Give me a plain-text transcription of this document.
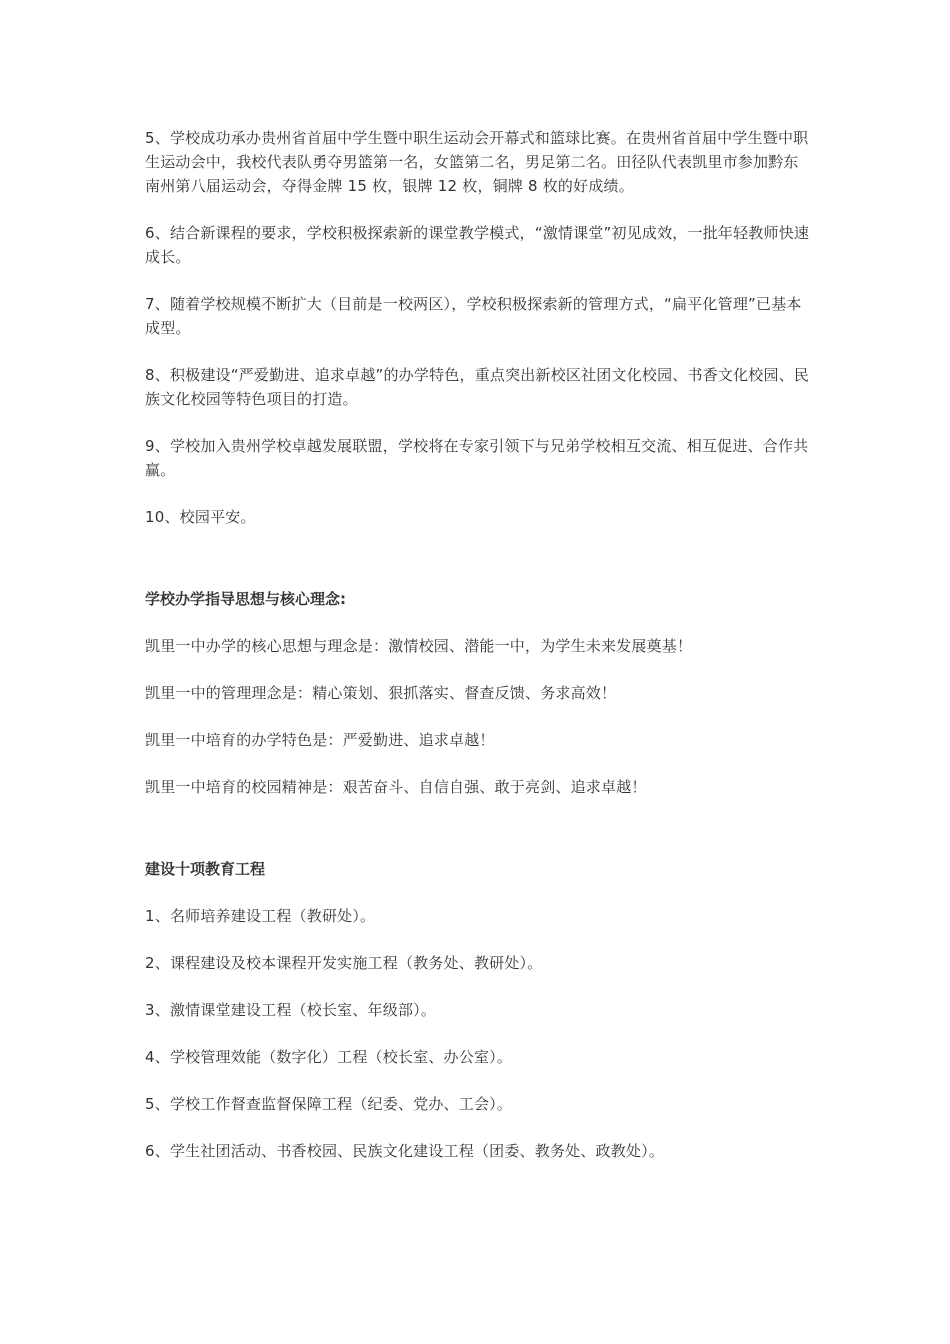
5、学校成功承办贵州省首届中学生暨中职生运动会开幕式和篮球比赛。在贵州省首届中学生暨中职生运动会中，我校代表队勇夺男篮第一名，女篮第二名，男足第二名。田径队代表凯里市参加黔东南州第八届运动会，夺得金牌 15 枚，银牌 12 枚，铜牌 8 枚的好成绩。

6、结合新课程的要求，学校积极探索新的课堂教学模式，“激情课堂”初见成效，一批年轻教师快速成长。

7、随着学校规模不断扩大（目前是一校两区），学校积极探索新的管理方式，“扁平化管理”已基本成型。

8、积极建设“严爱勤进、追求卓越”的办学特色，重点突出新校区社团文化校园、书香文化校园、民族文化校园等特色项目的打造。

9、学校加入贵州学校卓越发展联盟，学校将在专家引领下与兄弟学校相互交流、相互促进、合作共赢。

10、校园平安。

学校办学指导思想与核心理念:

凯里一中办学的核心思想与理念是：激情校园、潜能一中，为学生未来发展奠基！

凯里一中的管理理念是：精心策划、狠抓落实、督查反馈、务求高效！

凯里一中培育的办学特色是：严爱勤进、追求卓越！

凯里一中培育的校园精神是：艰苦奋斗、自信自强、敢于亮剑、追求卓越！

建设十项教育工程

1、名师培养建设工程（教研处）。

2、课程建设及校本课程开发实施工程（教务处、教研处）。

3、激情课堂建设工程（校长室、年级部）。

4、学校管理效能（数字化）工程（校长室、办公室）。

5、学校工作督查监督保障工程（纪委、党办、工会）。

6、学生社团活动、书香校园、民族文化建设工程（团委、教务处、政教处）。
